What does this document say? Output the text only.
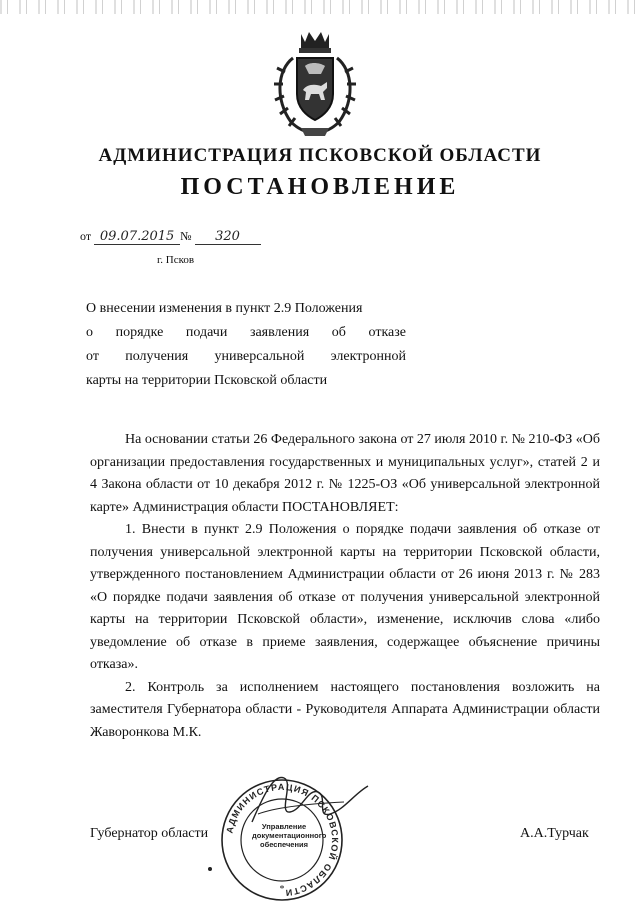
АДМИНИСТРАЦИЯ ПСКОВСКОЙ ОБЛАСТИ
ПОСТАНОВЛЕНИЕ
от 09.07.2015 № 320
г. Псков

О внесении изменения в пункт 2.9 Положения

о порядке подачи заявления об отказе

от получения универсальной электронной

карты на территории Псковской области

На основании статьи 26 Федерального закона от 27 июля 2010 г. № 210-ФЗ «Об организации предоставления государственных и муниципальных услуг», статей 2 и 4 Закона области от 10 декабря 2012 г. № 1225-ОЗ «Об универсальной электронной карте» Администрация области ПОСТАНОВЛЯЕТ:

1. Внести в пункт 2.9 Положения о порядке подачи заявления об отказе от получения универсальной электронной карты на территории Псковской области, утвержденного постановлением Администрации области от 26 июня 2013 г. № 283 «О порядке подачи заявления об отказе от получения универсальной электронной карты на территории Псковской области», изменение, исключив слова «либо уведомление об отказе в приеме заявления, содержащее объяснение причины отказа».

2. Контроль за исполнением настоящего постановления возложить на заместителя Губернатора области - Руководителя Аппарата Администрации области Жаворонкова М.К.

АДМИНИСТРАЦИЯ ПСКОВСКОЙ ОБЛАСТИ
*
Управление
документационного
обеспечения
Губернатор области	А.А.Турчак
